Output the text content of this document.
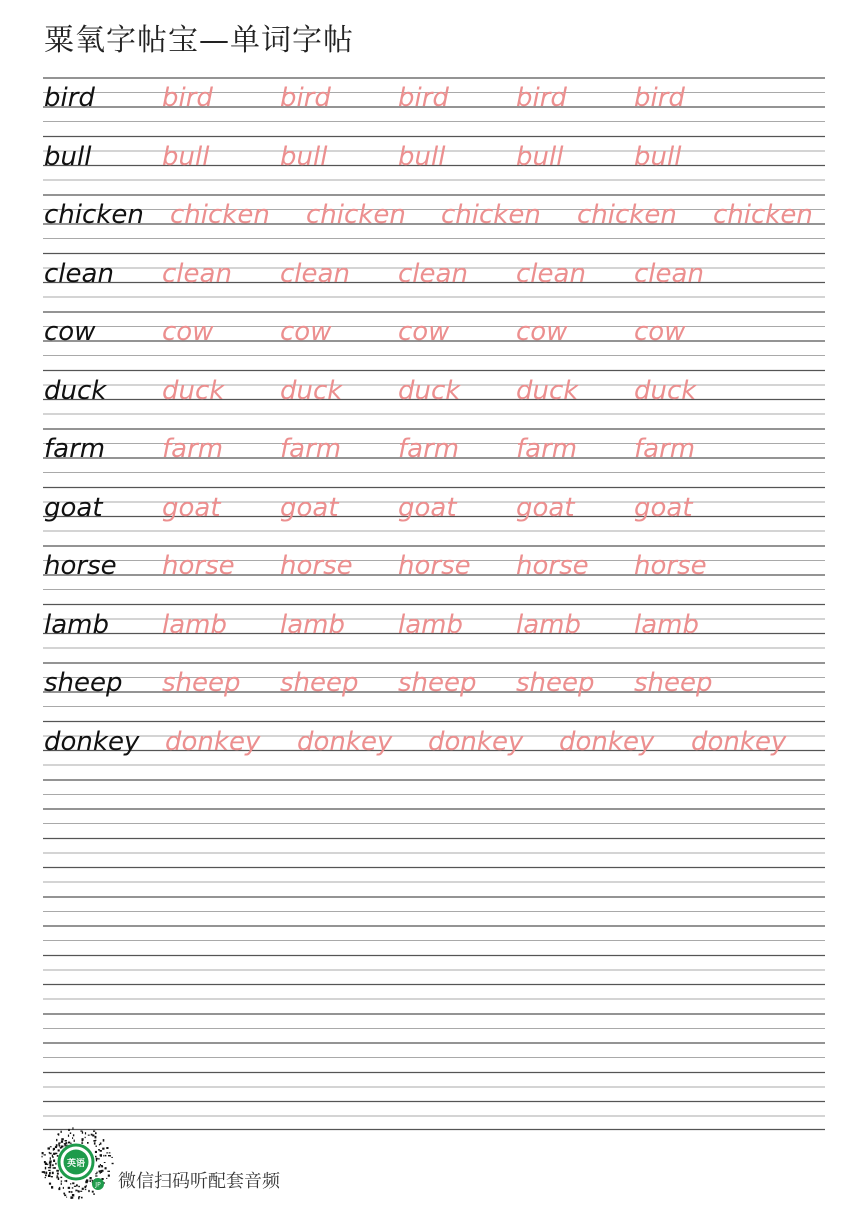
粟氧字帖宝—单词字帖
bird	bird	bird	bird	bird	bird
bull	bull	bull	bull	bull	bull
chicken chicken chicken chicken chicken chicken
clean clean clean clean clean clean
cow	cow	cow	cow	cow	cow
duck duck duck duck duck duck
farm farm farm farm farm farm
goat goat goat goat goat goat
horse horse horse horse horse horse
lamb lamb lamb lamb lamb lamb
sheep sheep sheep sheep sheep sheep
donkey donkey donkey donkey donkey donkey
英语
JP 微信扫码听配套音频
